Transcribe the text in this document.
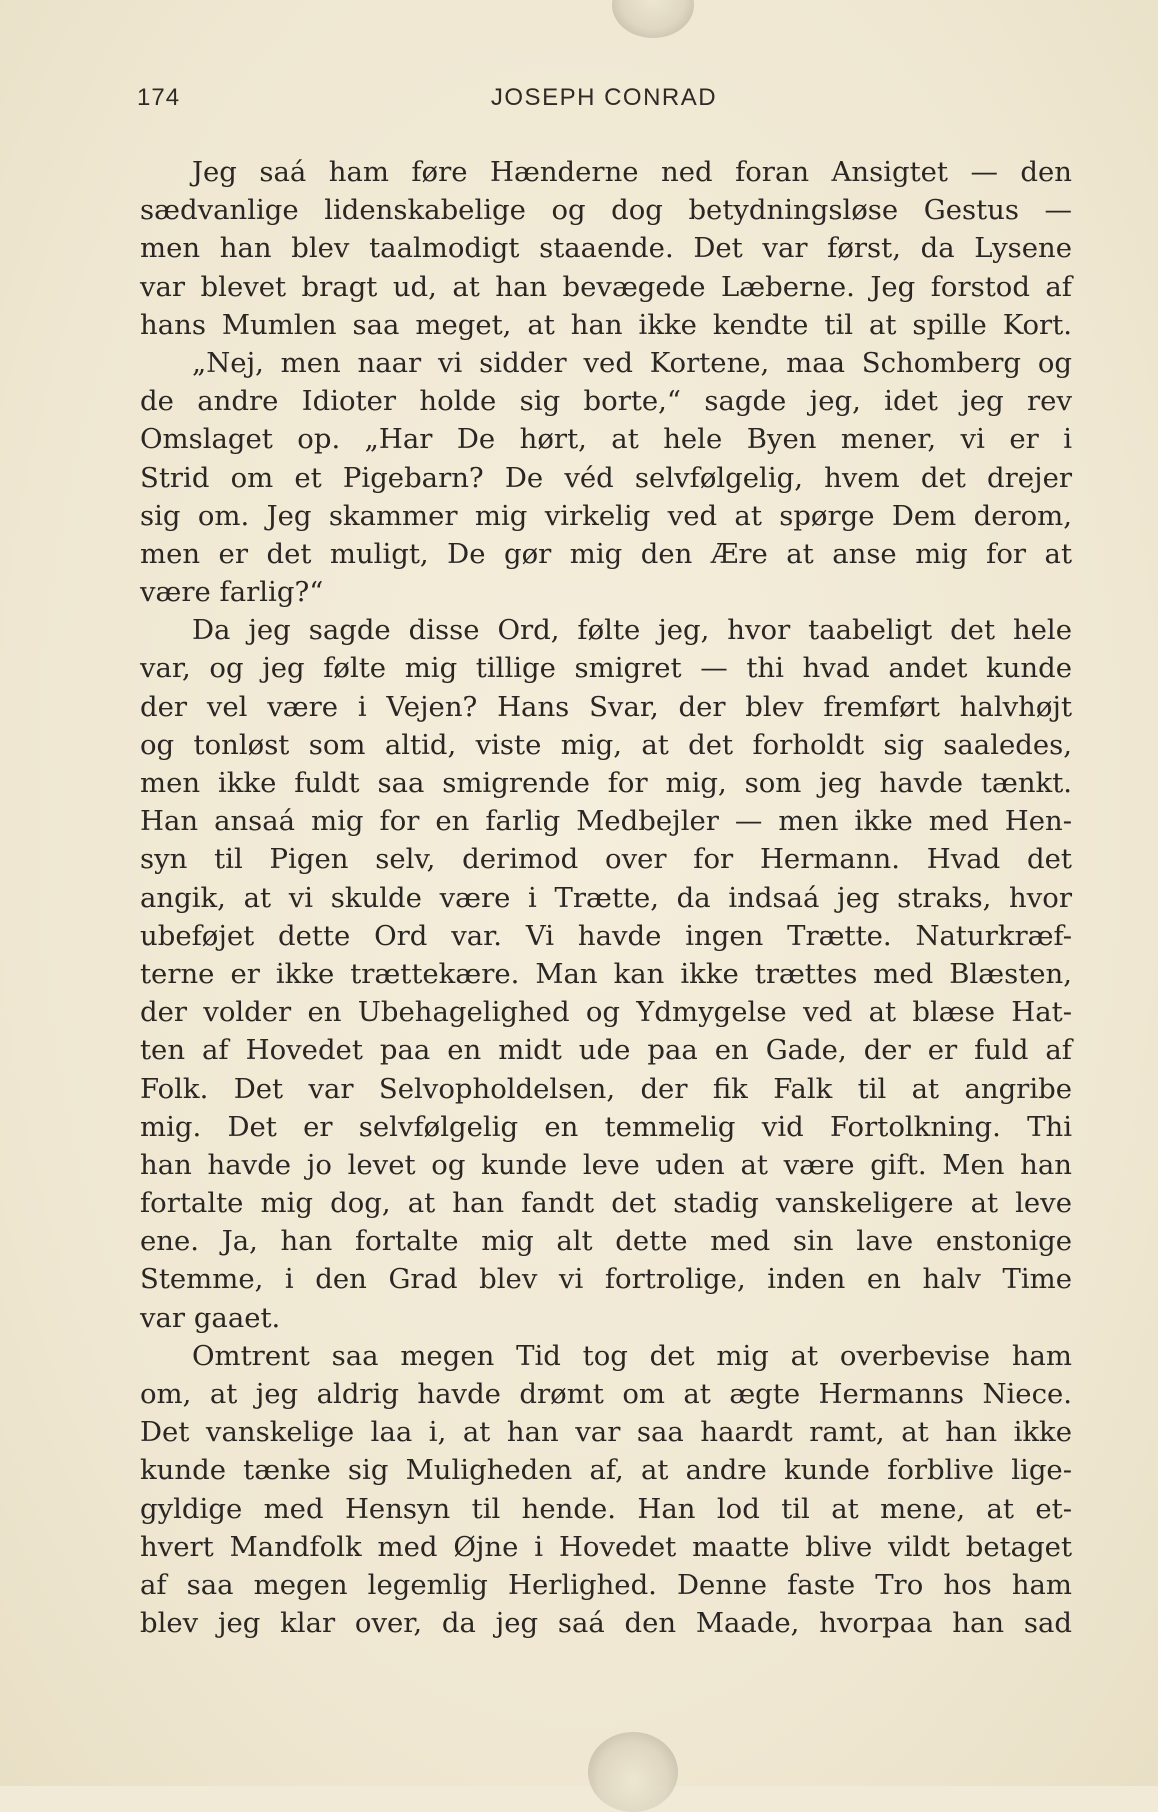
174	JOSEPH CONRAD
Jeg saá ham føre Hænderne ned foran Ansigtet — den
sædvanlige lidenskabelige og dog betydningsløse Gestus —
men han blev taalmodigt staaende. Det var først, da Lysene
var blevet bragt ud, at han bevægede Læberne. Jeg forstod af
hans Mumlen saa meget, at han ikke kendte til at spille Kort.
„Nej, men naar vi sidder ved Kortene, maa Schomberg og
de andre Idioter holde sig borte,“ sagde jeg, idet jeg rev
Omslaget op. „Har De hørt, at hele Byen mener, vi er i
Strid om et Pigebarn? De véd selvfølgelig, hvem det drejer
sig om. Jeg skammer mig virkelig ved at spørge Dem derom,
men er det muligt, De gør mig den Ære at anse mig for at
være farlig?“
Da jeg sagde disse Ord, følte jeg, hvor taabeligt det hele
var, og jeg følte mig tillige smigret — thi hvad andet kunde
der vel være i Vejen? Hans Svar, der blev fremført halvhøjt
og tonløst som altid, viste mig, at det forholdt sig saaledes,
men ikke fuldt saa smigrende for mig, som jeg havde tænkt.
Han ansaá mig for en farlig Medbejler — men ikke med Hen-
syn til Pigen selv, derimod over for Hermann. Hvad det
angik, at vi skulde være i Trætte, da indsaá jeg straks, hvor
ubeføjet dette Ord var. Vi havde ingen Trætte. Naturkræf-
terne er ikke trættekære. Man kan ikke trættes med Blæsten,
der volder en Ubehagelighed og Ydmygelse ved at blæse Hat-
ten af Hovedet paa en midt ude paa en Gade, der er fuld af
Folk. Det var Selvopholdelsen, der fik Falk til at angribe
mig. Det er selvfølgelig en temmelig vid Fortolkning. Thi
han havde jo levet og kunde leve uden at være gift. Men han
fortalte mig dog, at han fandt det stadig vanskeligere at leve
ene. Ja, han fortalte mig alt dette med sin lave enstonige
Stemme, i den Grad blev vi fortrolige, inden en halv Time
var gaaet.
Omtrent saa megen Tid tog det mig at overbevise ham
om, at jeg aldrig havde drømt om at ægte Hermanns Niece.
Det vanskelige laa i, at han var saa haardt ramt, at han ikke
kunde tænke sig Muligheden af, at andre kunde forblive lige-
gyldige med Hensyn til hende. Han lod til at mene, at et-
hvert Mandfolk med Øjne i Hovedet maatte blive vildt betaget
af saa megen legemlig Herlighed. Denne faste Tro hos ham
blev jeg klar over, da jeg saá den Maade, hvorpaa han sad
